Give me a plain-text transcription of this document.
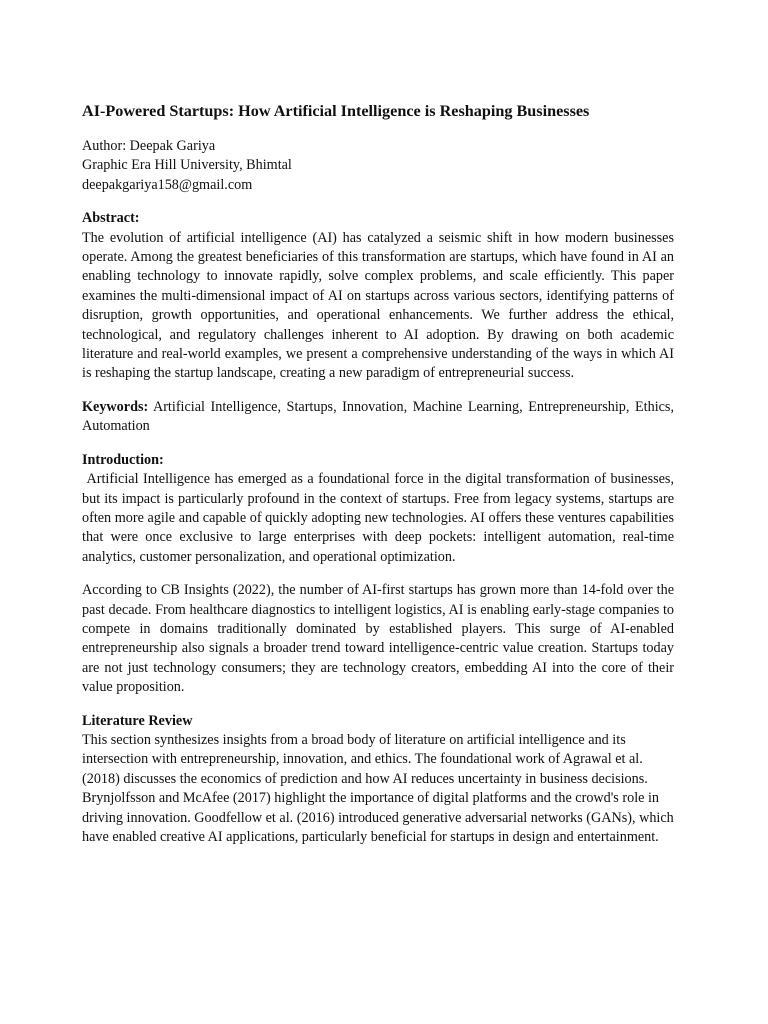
AI-Powered Startups: How Artificial Intelligence is Reshaping Businesses
Author: Deepak Gariya
Graphic Era Hill University, Bhimtal
deepakgariya158@gmail.com
Abstract:

The evolution of artificial intelligence (AI) has catalyzed a seismic shift in how modern businesses operate. Among the greatest beneficiaries of this transformation are startups, which have found in AI an enabling technology to innovate rapidly, solve complex problems, and scale efficiently. This paper examines the multi-dimensional impact of AI on startups across various sectors, identifying patterns of disruption, growth opportunities, and operational enhancements. We further address the ethical, technological, and regulatory challenges inherent to AI adoption. By drawing on both academic literature and real-world examples, we present a comprehensive understanding of the ways in which AI is reshaping the startup landscape, creating a new paradigm of entrepreneurial success.

Keywords: Artificial Intelligence, Startups, Innovation, Machine Learning, Entrepreneurship, Ethics, Automation

Introduction:

Artificial Intelligence has emerged as a foundational force in the digital transformation of businesses, but its impact is particularly profound in the context of startups. Free from legacy systems, startups are often more agile and capable of quickly adopting new technologies. AI offers these ventures capabilities that were once exclusive to large enterprises with deep pockets: intelligent automation, real-time analytics, customer personalization, and operational optimization.

According to CB Insights (2022), the number of AI-first startups has grown more than 14-fold over the past decade. From healthcare diagnostics to intelligent logistics, AI is enabling early-stage companies to compete in domains traditionally dominated by established players. This surge of AI-enabled entrepreneurship also signals a broader trend toward intelligence-centric value creation. Startups today are not just technology consumers; they are technology creators, embedding AI into the core of their value proposition.

Literature Review

This section synthesizes insights from a broad body of literature on artificial intelligence and its intersection with entrepreneurship, innovation, and ethics. The foundational work of Agrawal et al. (2018) discusses the economics of prediction and how AI reduces uncertainty in business decisions. Brynjolfsson and McAfee (2017) highlight the importance of digital platforms and the crowd's role in driving innovation. Goodfellow et al. (2016) introduced generative adversarial networks (GANs), which have enabled creative AI applications, particularly beneficial for startups in design and entertainment.
